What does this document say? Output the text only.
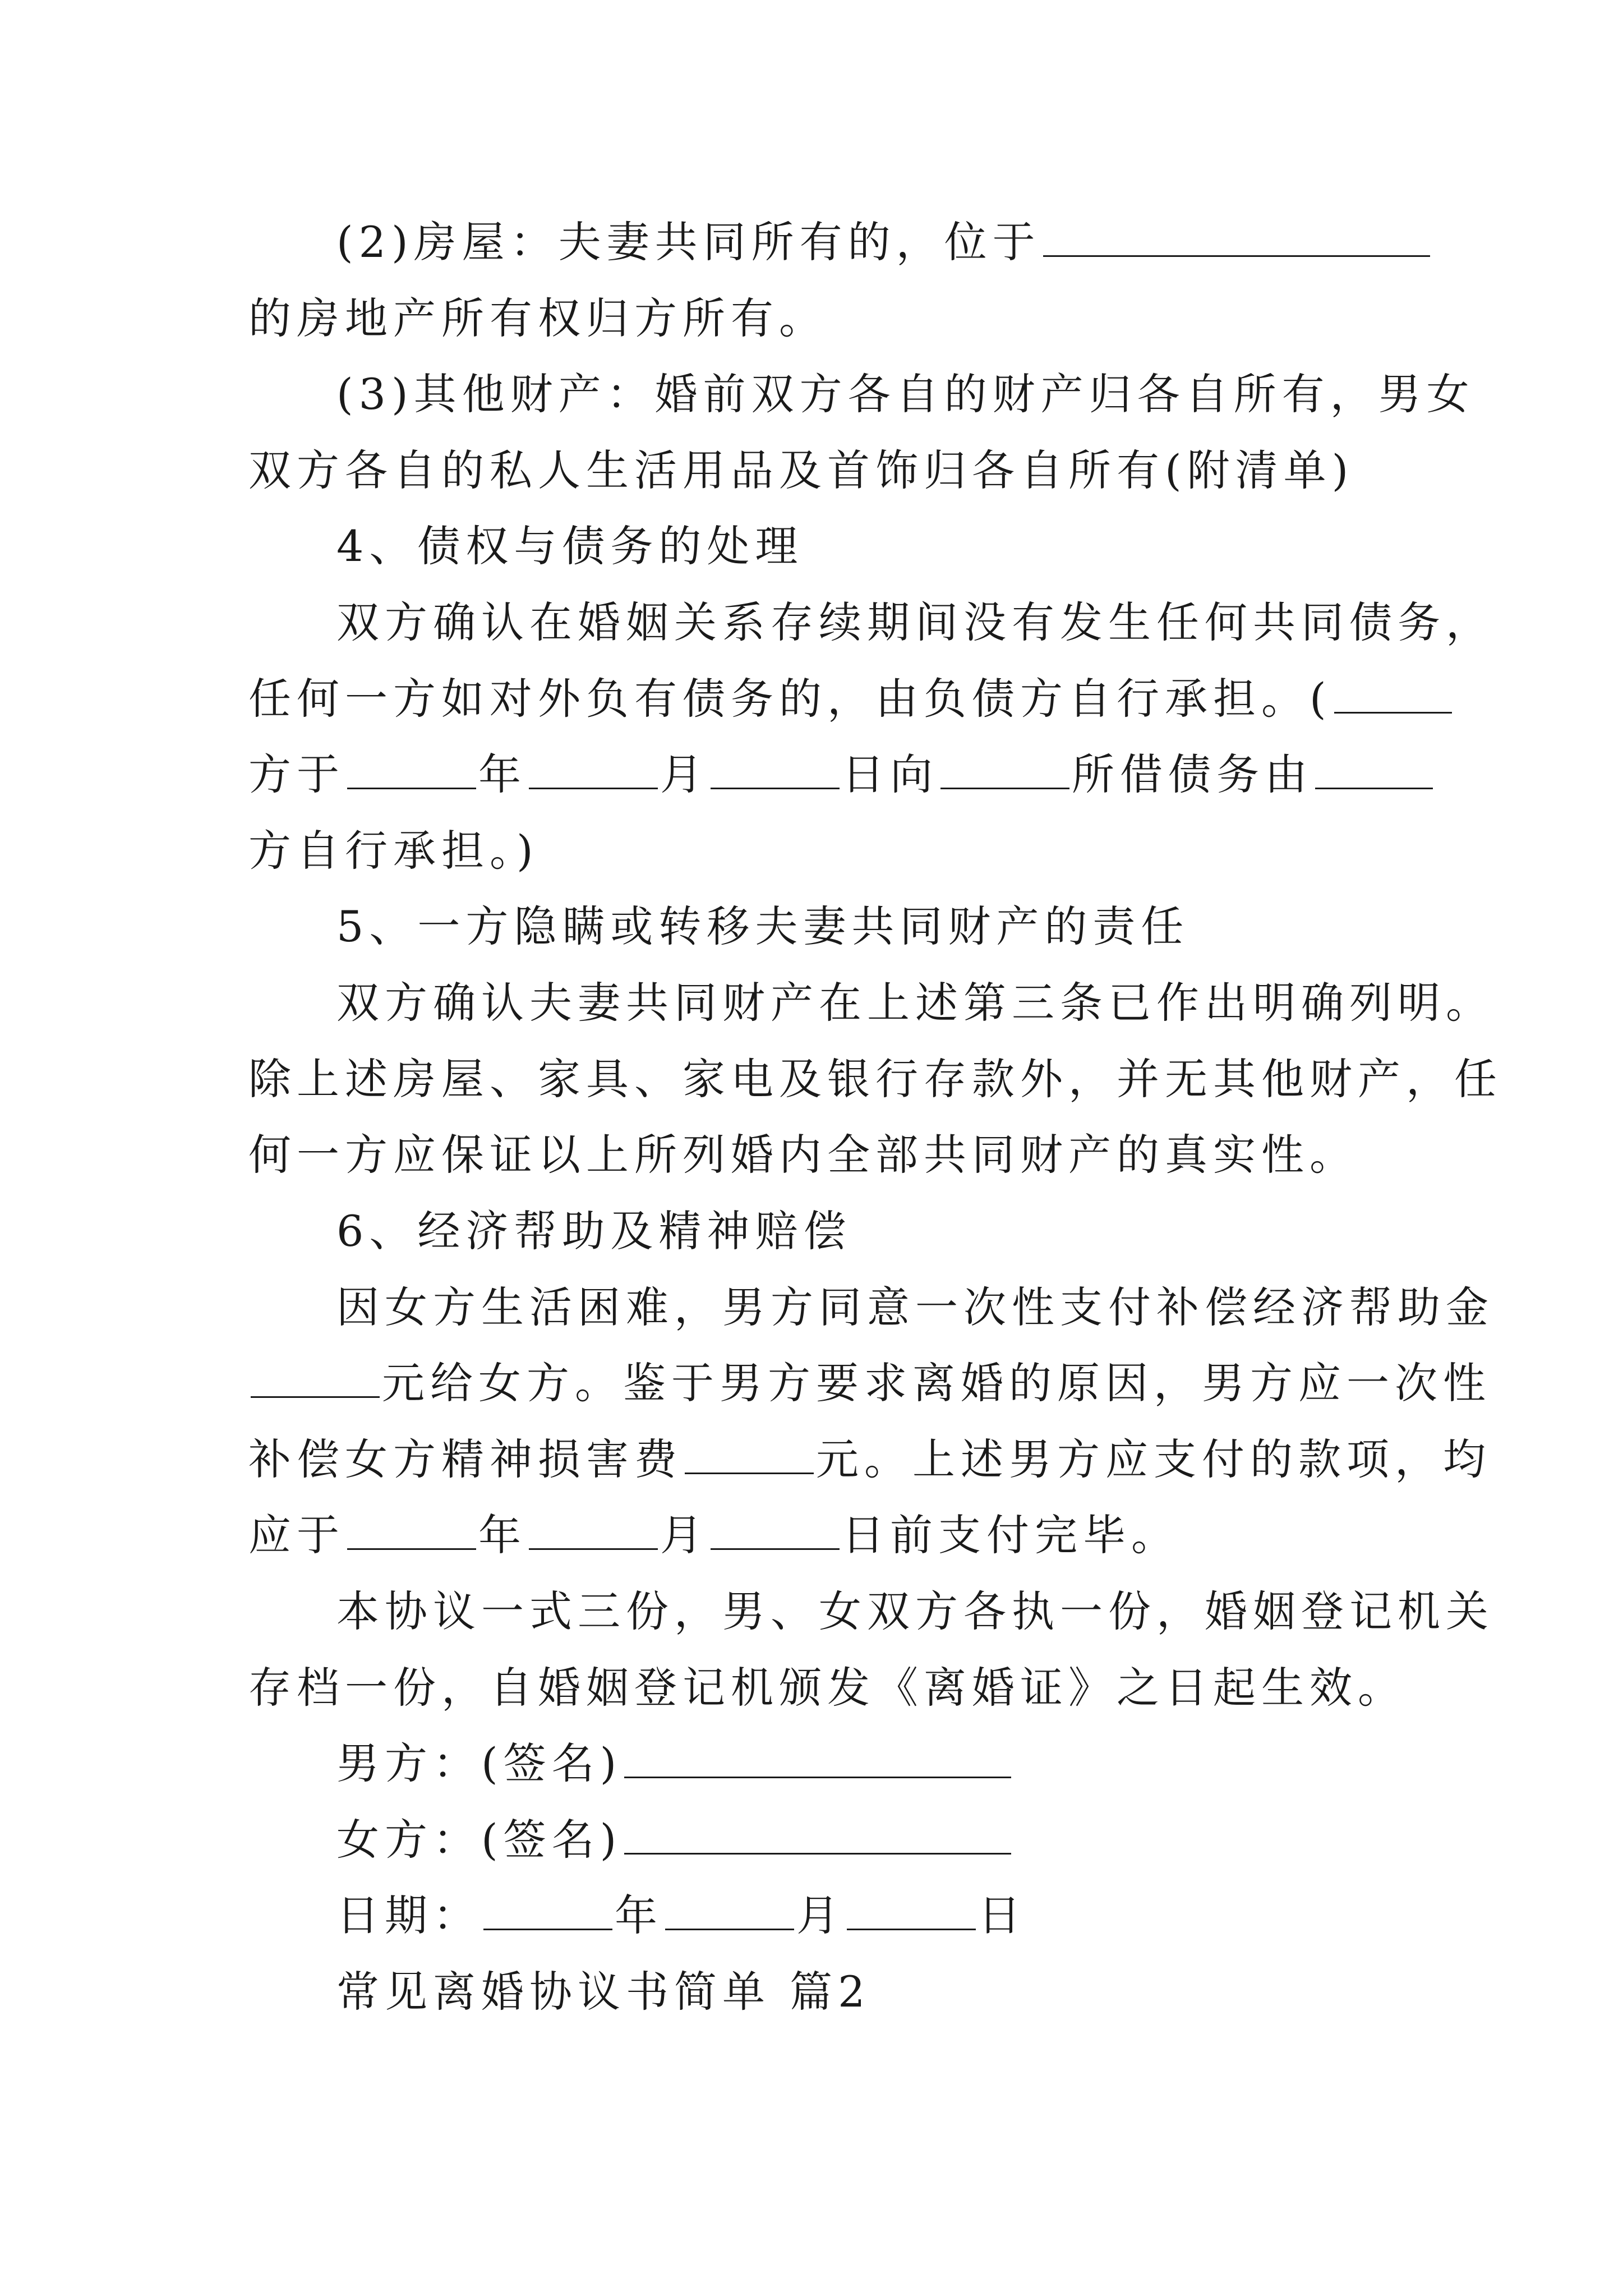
(2)房屋：夫妻共同所有的，位于
的房地产所有权归方所有。
(3)其他财产：婚前双方各自的财产归各自所有，男女
双方各自的私人生活用品及首饰归各自所有(附清单)
4、债权与债务的处理
双方确认在婚姻关系存续期间没有发生任何共同债务，
任何一方如对外负有债务的，由负债方自行承担。(
方于	年	月	日向	所借债务由
方自行承担。)
5、一方隐瞒或转移夫妻共同财产的责任
双方确认夫妻共同财产在上述第三条已作出明确列明。
除上述房屋、家具、家电及银行存款外，并无其他财产，任
何一方应保证以上所列婚内全部共同财产的真实性。
6、经济帮助及精神赔偿
因女方生活困难，男方同意一次性支付补偿经济帮助金
元给女方。鉴于男方要求离婚的原因，男方应一次性
补偿女方精神损害费	元。上述男方应支付的款项，均
应于	年	月	日前支付完毕。
本协议一式三份，男、女双方各执一份，婚姻登记机关
存档一份，自婚姻登记机颁发《离婚证》之日起生效。
男方：(签名)
女方：(签名)
日期：	年	月	日
常见离婚协议书简单 篇2
